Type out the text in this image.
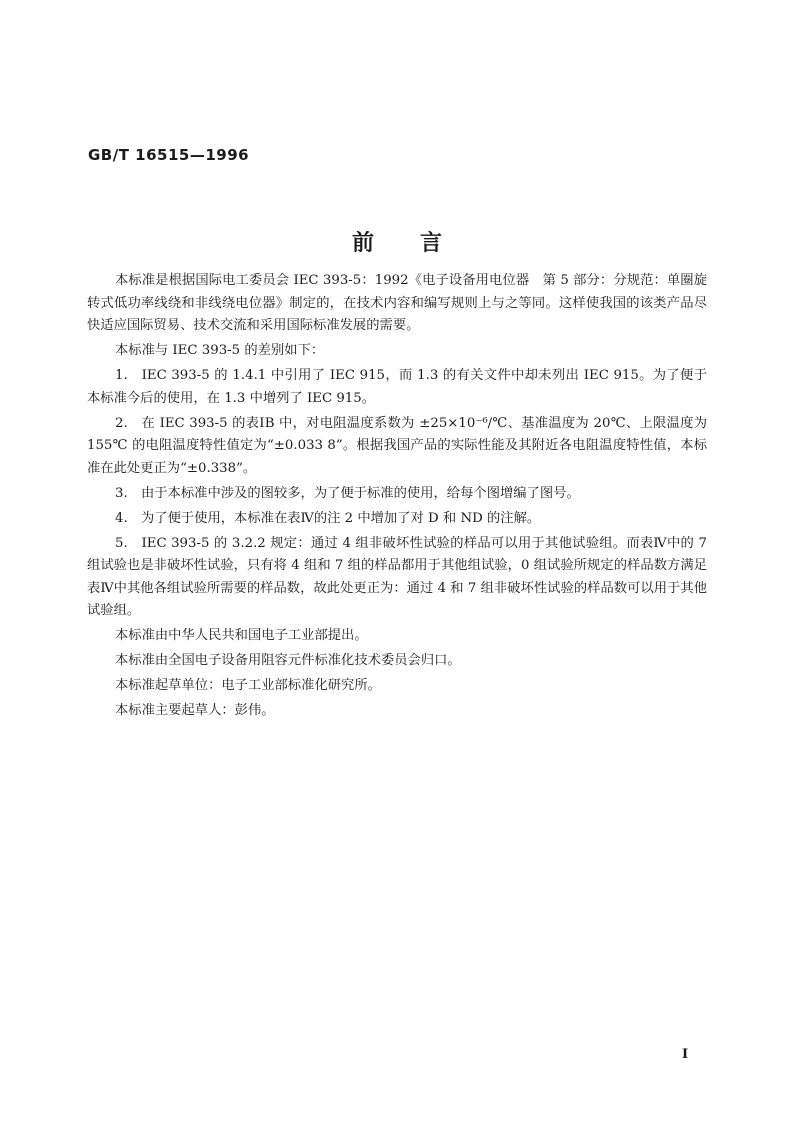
GB/T 16515—1996

前言

本标准是根据国际电工委员会 IEC 393-5：1992《电子设备用电位器　第 5 部分：分规范：单圈旋转式低功率线绕和非线绕电位器》制定的，在技术内容和编写规则上与之等同。这样使我国的该类产品尽快适应国际贸易、技术交流和采用国际标准发展的需要。

本标准与 IEC 393-5 的差别如下：

1.　IEC 393-5 的 1.4.1 中引用了 IEC 915，而 1.3 的有关文件中却未列出 IEC 915。为了便于本标准今后的使用，在 1.3 中增列了 IEC 915。

2.　在 IEC 393-5 的表ⅠB 中，对电阻温度系数为 ±25×10⁻⁶/℃、基准温度为 20℃、上限温度为 155℃ 的电阻温度特性值定为“±0.033 8”。根据我国产品的实际性能及其附近各电阻温度特性值，本标准在此处更正为“±0.338”。

3.　由于本标准中涉及的图较多，为了便于标准的使用，给每个图增编了图号。

4.　为了便于使用，本标准在表Ⅳ的注 2 中增加了对 D 和 ND 的注解。

5.　IEC 393-5 的 3.2.2 规定：通过 4 组非破坏性试验的样品可以用于其他试验组。而表Ⅳ中的 7 组试验也是非破坏性试验，只有将 4 组和 7 组的样品都用于其他组试验，0 组试验所规定的样品数方满足表Ⅳ中其他各组试验所需要的样品数，故此处更正为：通过 4 和 7 组非破坏性试验的样品数可以用于其他试验组。

本标准由中华人民共和国电子工业部提出。

本标准由全国电子设备用阻容元件标准化技术委员会归口。

本标准起草单位：电子工业部标准化研究所。

本标准主要起草人：彭伟。

Ⅰ
